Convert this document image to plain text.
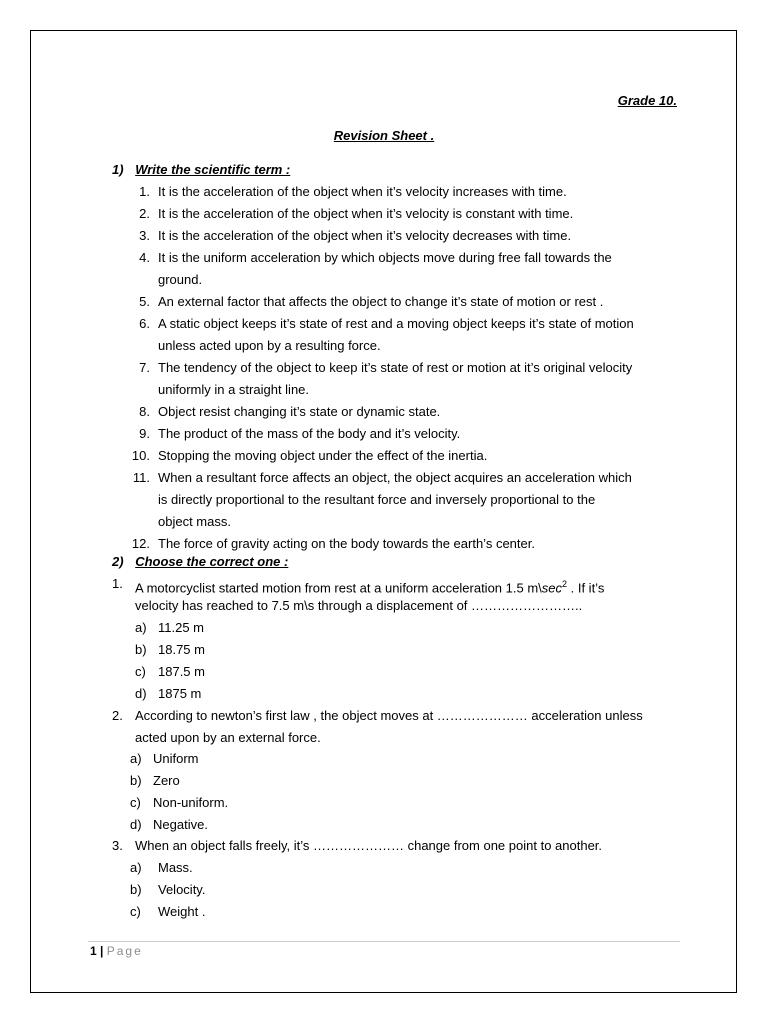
Grade 10.
Revision Sheet .
1) Write the scientific term :
1. It is the acceleration of the object when it’s velocity increases with time.
2. It is the acceleration of the object when it’s velocity is constant with time.
3. It is the acceleration of the object when it’s velocity decreases with time.
4. It is the uniform acceleration by which objects move during free fall towards the
ground.
5. An external factor that affects the object to change it’s state of motion or rest .
6. A static object keeps it’s state of rest and a moving object keeps it’s state of motion
unless acted upon by a resulting force.
7. The tendency of the object to keep it’s state of rest or motion at it’s original velocity
uniformly in a straight line.
8. Object resist changing it’s state or dynamic state.
9. The product of the mass of the body and it’s velocity.
10. Stopping the moving object under the effect of the inertia.
11. When a resultant force affects an object, the object acquires an acceleration which
is directly proportional to the resultant force and inversely proportional to the
object mass.
12. The force of gravity acting on the body towards the earth’s center.
2) Choose the correct one :
1. A motorcyclist started motion from rest at a uniform acceleration 1.5 $m\backslash\sec^2$ . If it’s
velocity has reached to 7.5 m\s through a displacement of ……………………..
a) 11.25 m
b) 18.75 m
c) 187.5 m
d) 1875 m
2. According to newton’s first law , the object moves at ………………… acceleration unless
acted upon by an external force.
a) Uniform
b) Zero
c) Non-uniform.
d) Negative.
3. When an object falls freely, it’s ………………… change from one point to another.
a) Mass.
b) Velocity.
c) Weight .
1 | Page
